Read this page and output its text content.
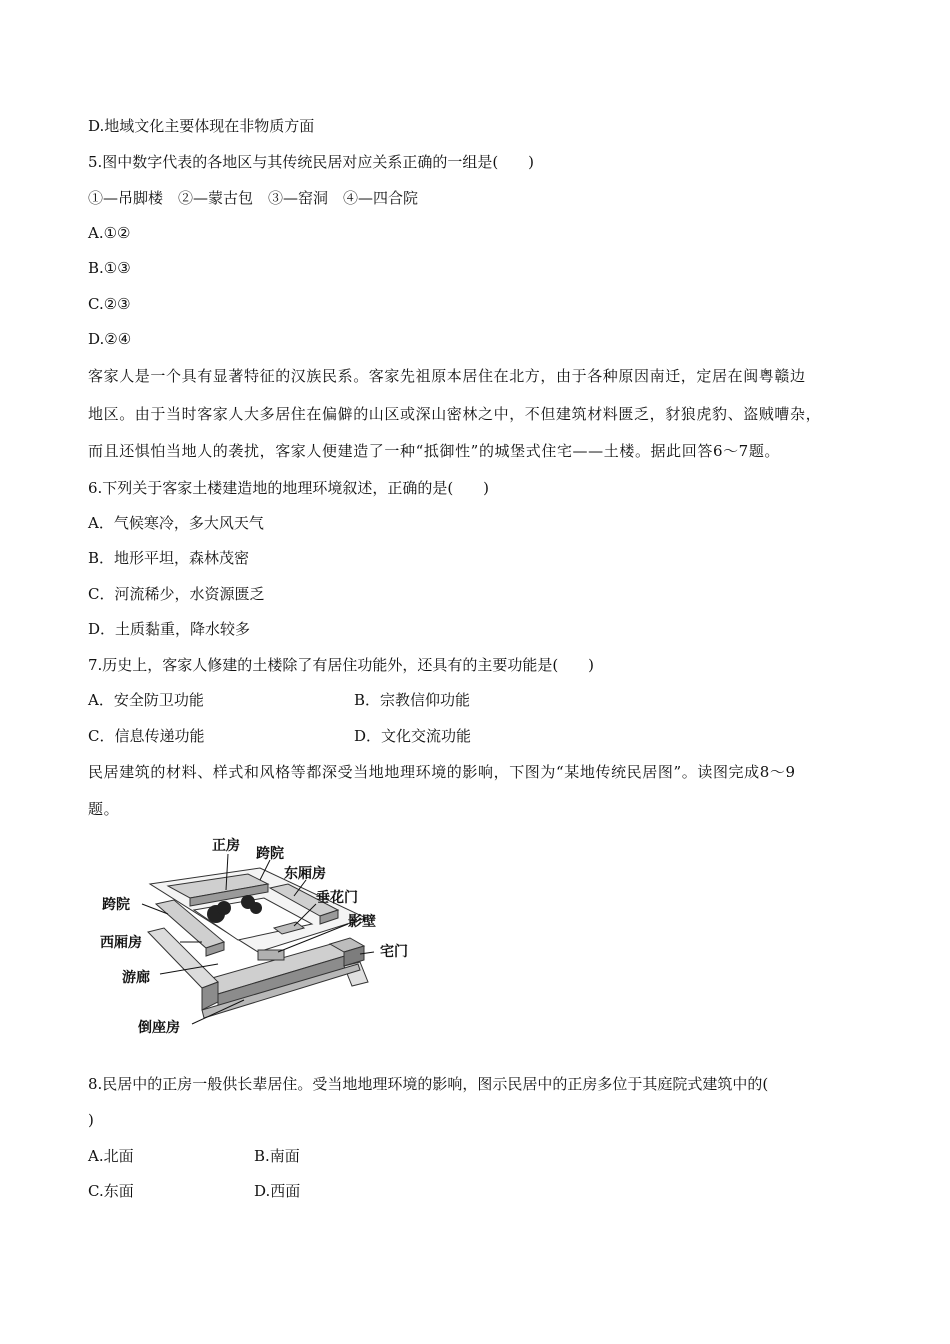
D.地域文化主要体现在非物质方面
5.图中数字代表的各地区与其传统民居对应关系正确的一组是(　　)
①—吊脚楼　②—蒙古包　③—窑洞　④—四合院
A.①②
B.①③
C.②③
D.②④
客家人是一个具有显著特征的汉族民系。客家先祖原本居住在北方，由于各种原因南迁，定居在闽粤赣边
地区。由于当时客家人大多居住在偏僻的山区或深山密林之中，不但建筑材料匮乏，豺狼虎豹、盗贼嘈杂，
而且还惧怕当地人的袭扰，客家人便建造了一种“抵御性”的城堡式住宅——土楼。据此回答6～7题。
6.下列关于客家土楼建造地的地理环境叙述，正确的是(　　)
A．气候寒冷，多大风天气
B．地形平坦，森林茂密
C．河流稀少，水资源匮乏
D．土质黏重，降水较多
7.历史上，客家人修建的土楼除了有居住功能外，还具有的主要功能是(　　)
A．安全防卫功能	B．宗教信仰功能
C．信息传递功能	D．文化交流功能
民居建筑的材料、样式和风格等都深受当地地理环境的影响，下图为“某地传统民居图”。读图完成8～9
题。
正房 跨院
东厢房
跨院	垂花门
西厢房
影壁
宅门
游廊
倒座房
8.民居中的正房一般供长辈居住。受当地地理环境的影响，图示民居中的正房多位于其庭院式建筑中的(
)
A.北面	B.南面
C.东面	D.西面
